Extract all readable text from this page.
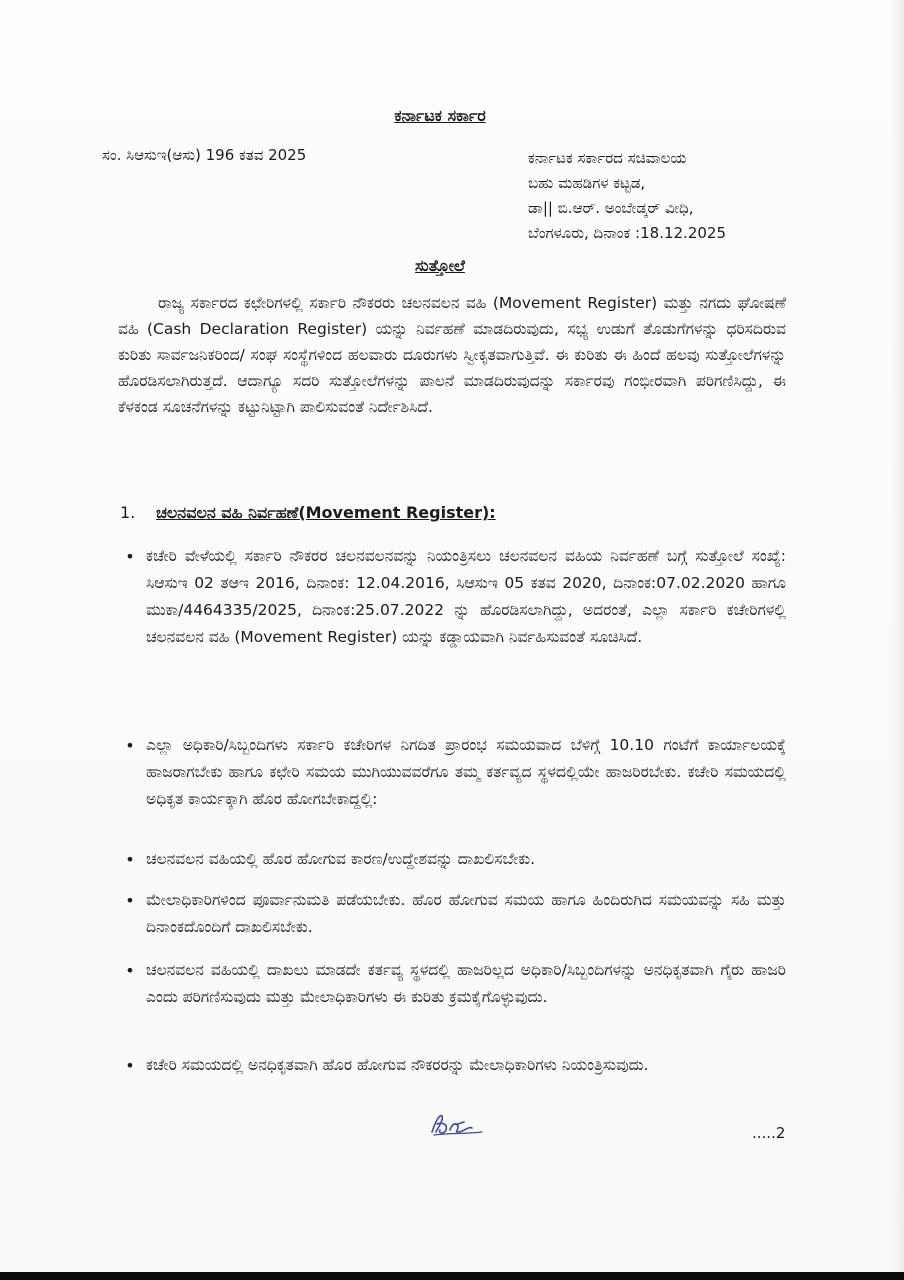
ಕರ್ನಾಟಕ ಸರ್ಕಾರ
ಸಂ. ಸಿಆಸುಇ(ಆಸು) 196 ಕತವ 2025	ಕರ್ನಾಟಕ ಸರ್ಕಾರದ ಸಚಿವಾಲಯ
ಬಹು ಮಹಡಿಗಳ ಕಟ್ಟಡ,
ಡಾ|| ಬಿ.ಆರ್. ಅಂಬೇಡ್ಕರ್ ವೀಧಿ,
ಬೆಂಗಳೂರು, ದಿನಾಂಕ :18.12.2025
ಸುತ್ತೋಲೆ
ರಾಜ್ಯ ಸರ್ಕಾರದ ಕಛೇರಿಗಳಲ್ಲಿ ಸರ್ಕಾರಿ ನೌಕರರು ಚಲನವಲನ ವಹಿ (Movement Register) ಮತ್ತು ನಗದು ಘೋಷಣೆ ವಹಿ (Cash Declaration Register) ಯನ್ನು ನಿರ್ವಹಣೆ ಮಾಡದಿರುವುದು, ಸಭ್ಯ ಉಡುಗೆ ತೊಡುಗೆಗಳನ್ನು ಧರಿಸದಿರುವ ಕುರಿತು ಸಾರ್ವಜನಿಕರಿಂದ/ ಸಂಘ ಸಂಸ್ಥೆಗಳಿಂದ ಹಲವಾರು ದೂರುಗಳು ಸ್ವೀಕೃತವಾಗುತ್ತಿವೆ. ಈ ಕುರಿತು ಈ ಹಿಂದೆ ಹಲವು ಸುತ್ತೋಲೆಗಳನ್ನು ಹೊರಡಿಸಲಾಗಿರುತ್ತದೆ. ಆದಾಗ್ಯೂ ಸದರಿ ಸುತ್ತೋಲೆಗಳನ್ನು ಪಾಲನೆ ಮಾಡದಿರುವುದನ್ನು ಸರ್ಕಾರವು ಗಂಭೀರವಾಗಿ ಪರಿಗಣಿಸಿದ್ದು, ಈ ಕೆಳಕಂಡ ಸೂಚನೆಗಳನ್ನು ಕಟ್ಟುನಿಟ್ಟಾಗಿ ಪಾಲಿಸುವಂತೆ ನಿರ್ದೇಶಿಸಿದೆ.
1. ಚಲನವಲನ ವಹಿ ನಿರ್ವಹಣೆ(Movement Register):
• ಕಚೇರಿ ವೇಳೆಯಲ್ಲಿ ಸರ್ಕಾರಿ ನೌಕರರ ಚಲನವಲನವನ್ನು ನಿಯಂತ್ರಿಸಲು ಚಲನವಲನ ವಹಿಯ ನಿರ್ವಹಣೆ ಬಗ್ಗೆ ಸುತ್ತೋಲೆ ಸಂಖ್ಯೆ: ಸಿಆಸುಇ 02 ತಆಇ 2016, ದಿನಾಂಕ: 12.04.2016, ಸಿಆಸುಇ 05 ಕತವ 2020, ದಿನಾಂಕ:07.02.2020 ಹಾಗೂ ಮುಕಾ/4464335/2025, ದಿನಾಂಕ:25.07.2022 ನ್ನು ಹೊರಡಿಸಲಾಗಿದ್ದು, ಅದರಂತೆ, ಎಲ್ಲಾ ಸರ್ಕಾರಿ ಕಚೇರಿಗಳಲ್ಲಿ ಚಲನವಲನ ವಹಿ (Movement Register) ಯನ್ನು ಕಡ್ಡಾಯವಾಗಿ ನಿರ್ವಹಿಸುವಂತೆ ಸೂಚಿಸಿದೆ.
• ಎಲ್ಲಾ ಅಧಿಕಾರಿ/ಸಿಬ್ಬಂದಿಗಳು ಸರ್ಕಾರಿ ಕಚೇರಿಗಳ ನಿಗದಿತ ಪ್ರಾರಂಭ ಸಮಯವಾದ ಬೆಳಿಗ್ಗೆ 10.10 ಗಂಟೆಗೆ ಕಾರ್ಯಾಲಯಕ್ಕೆ ಹಾಜರಾಗಬೇಕು ಹಾಗೂ ಕಛೇರಿ ಸಮಯ ಮುಗಿಯುವವರೆಗೂ ತಮ್ಮ ಕರ್ತವ್ಯದ ಸ್ಥಳದಲ್ಲಿಯೇ ಹಾಜರಿರಬೇಕು. ಕಚೇರಿ ಸಮಯದಲ್ಲಿ ಅಧಿಕೃತ ಕಾರ್ಯಕ್ಕಾಗಿ ಹೊರ ಹೋಗಬೇಕಾದ್ದಲ್ಲಿ:
• ಚಲನವಲನ ವಹಿಯಲ್ಲಿ ಹೊರ ಹೋಗುವ ಕಾರಣ/ಉದ್ದೇಶವನ್ನು ದಾಖಲಿಸಬೇಕು.
• ಮೇಲಾಧಿಕಾರಿಗಳಿಂದ ಪೂರ್ವಾನುಮತಿ ಪಡೆಯಬೇಕು. ಹೊರ ಹೋಗುವ ಸಮಯ ಹಾಗೂ ಹಿಂದಿರುಗಿದ ಸಮಯವನ್ನು ಸಹಿ ಮತ್ತು ದಿನಾಂಕದೊಂದಿಗೆ ದಾಖಲಿಸಬೇಕು.
• ಚಲನವಲನ ವಹಿಯಲ್ಲಿ ದಾಖಲು ಮಾಡದೇ ಕರ್ತವ್ಯ ಸ್ಥಳದಲ್ಲಿ ಹಾಜರಿಲ್ಲದ ಅಧಿಕಾರಿ/ಸಿಬ್ಬಂದಿಗಳನ್ನು ಅನಧಿಕೃತವಾಗಿ ಗೈರು ಹಾಜರಿ ಎಂದು ಪರಿಗಣಿಸುವುದು ಮತ್ತು ಮೇಲಾಧಿಕಾರಿಗಳು ಈ ಕುರಿತು ಕ್ರಮಕೈಗೊಳ್ಳುವುದು.
• ಕಚೇರಿ ಸಮಯದಲ್ಲಿ ಅನಧಿಕೃತವಾಗಿ ಹೊರ ಹೋಗುವ ನೌಕರರನ್ನು ಮೇಲಾಧಿಕಾರಿಗಳು ನಿಯಂತ್ರಿಸುವುದು.
.....2
